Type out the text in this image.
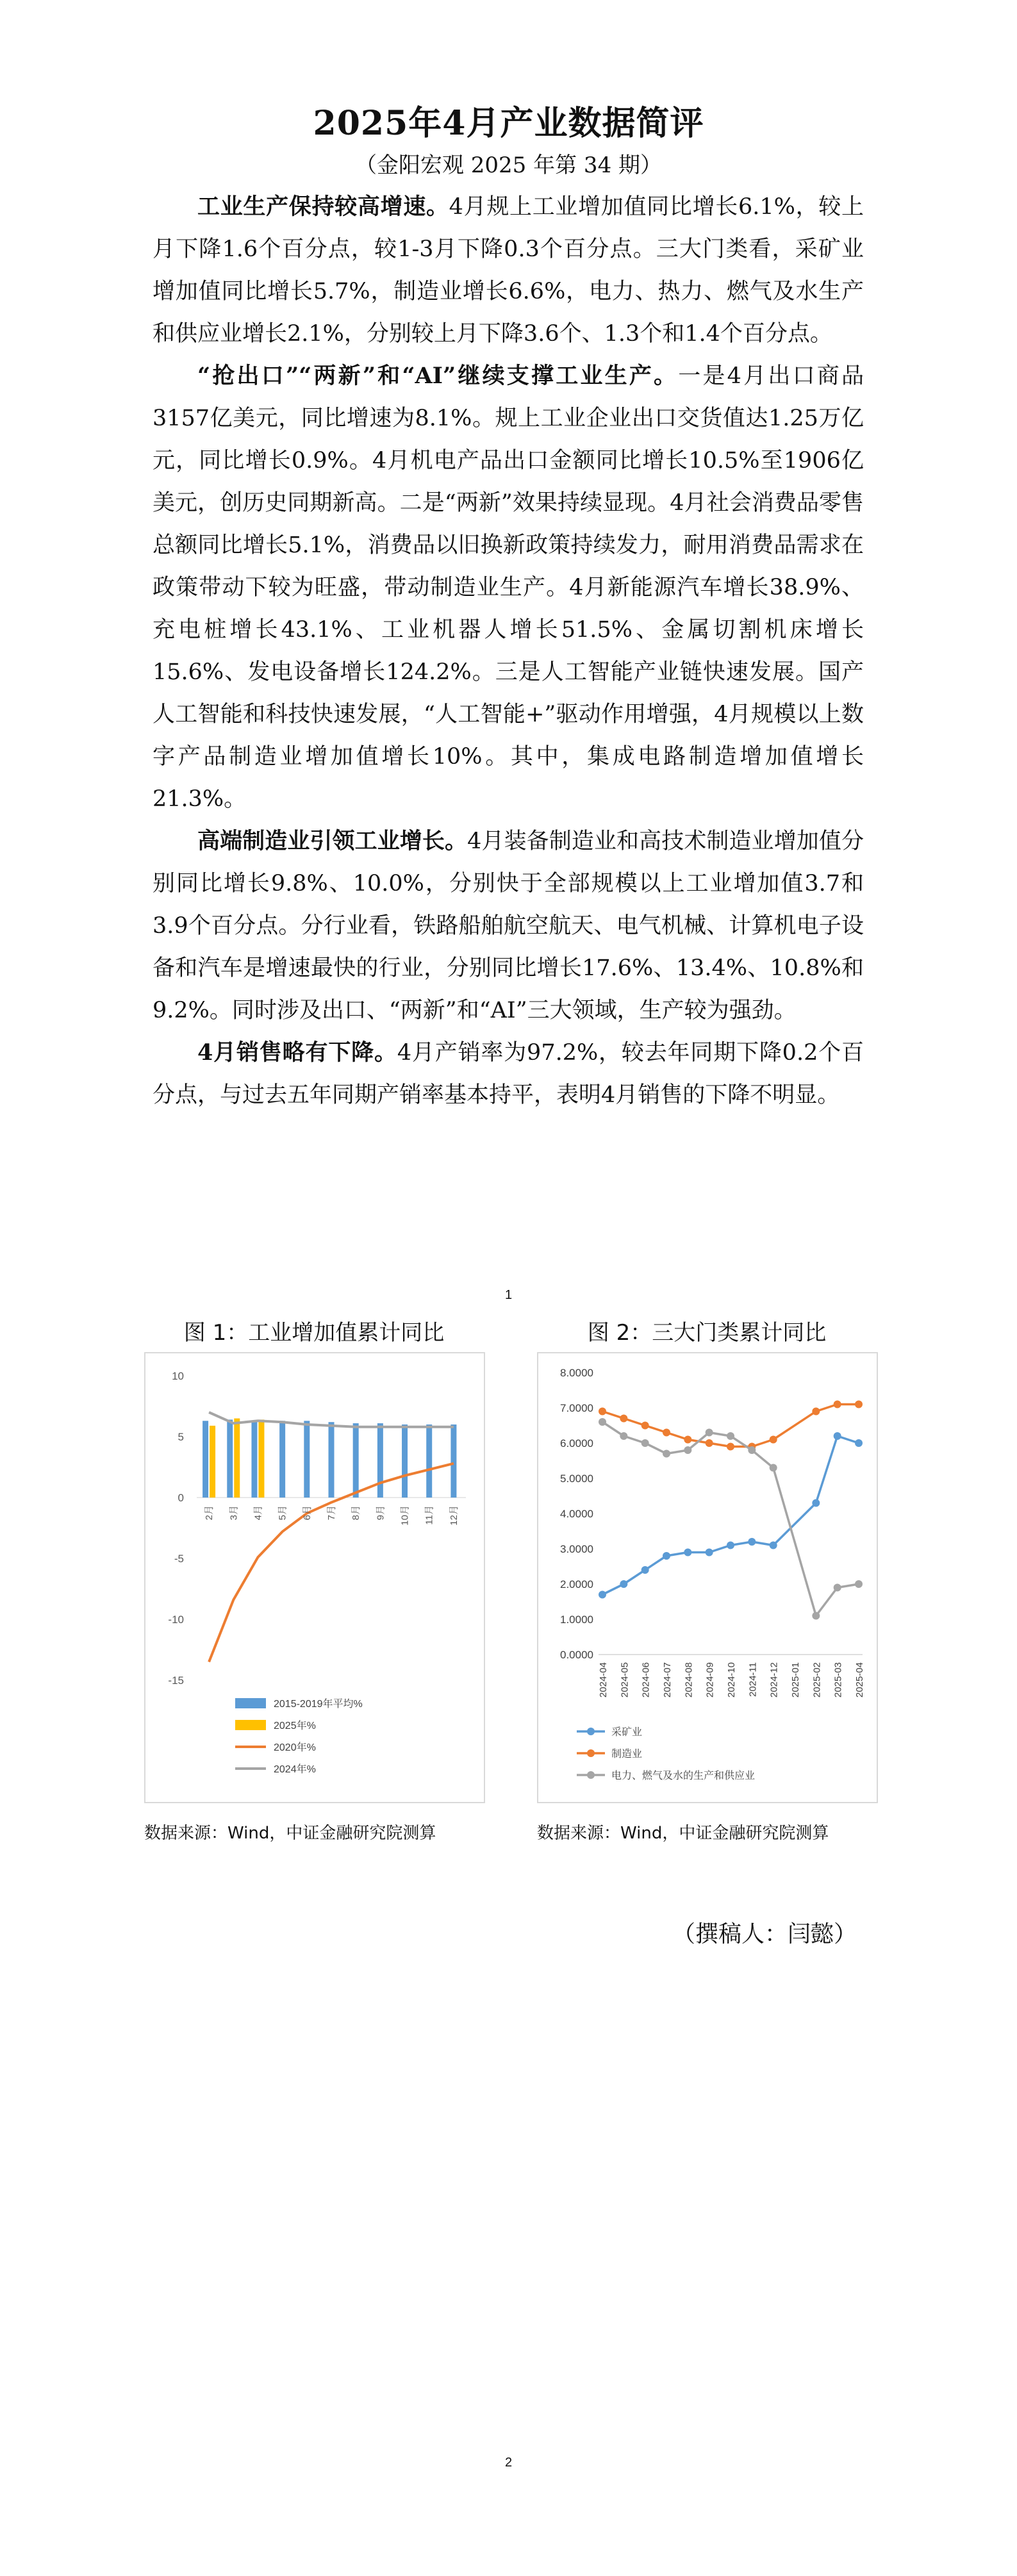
2025年4月产业数据简评
（金阳宏观 2025 年第 34 期）

工业生产保持较高增速。4月规上工业增加值同比增长6.1%，较上月下降1.6个百分点，较1-3月下降0.3个百分点。三大门类看，采矿业增加值同比增长5.7%，制造业增长6.6%，电力、热力、燃气及水生产和供应业增长2.1%，分别较上月下降3.6个、1.3个和1.4个百分点。

“抢出口”“两新”和“AI”继续支撑工业生产。一是4月出口商品3157亿美元，同比增速为8.1%。规上工业企业出口交货值达1.25万亿元，同比增长0.9%。4月机电产品出口金额同比增长10.5%至1906亿美元，创历史同期新高。二是“两新”效果持续显现。4月社会消费品零售总额同比增长5.1%，消费品以旧换新政策持续发力，耐用消费品需求在政策带动下较为旺盛，带动制造业生产。4月新能源汽车增长38.9%、充电桩增长43.1%、工业机器人增长51.5%、金属切割机床增长15.6%、发电设备增长124.2%。三是人工智能产业链快速发展。国产人工智能和科技快速发展，“人工智能+”驱动作用增强，4月规模以上数字产品制造业增加值增长10%。其中，集成电路制造增加值增长21.3%。

高端制造业引领工业增长。4月装备制造业和高技术制造业增加值分别同比增长9.8%、10.0%，分别快于全部规模以上工业增加值3.7和3.9个百分点。分行业看，铁路船舶航空航天、电气机械、计算机电子设备和汽车是增速最快的行业，分别同比增长17.6%、13.4%、10.8%和9.2%。同时涉及出口、“两新”和“AI”三大领域，生产较为强劲。

4月销售略有下降。4月产销率为97.2%，较去年同期下降0.2个百分点，与过去五年同期产销率基本持平，表明4月销售的下降不明显。

1
图 1：工业增加值累计同比
10
5
0
-5
-10
-15
2月 3月 4月 5月 6月 7月 8月 9月 10月 11月 12月
2015-2019年平均%
2025年%
2020年%
2024年%
数据来源：Wind，中证金融研究院测算
图 2：三大门类累计同比
8.0000
7.0000
6.0000
5.0000
4.0000
3.0000
2.0000
1.0000
0.0000
2024-04 2024-05 2024-06 2024-07 2024-08 2024-09 2024-10 2024-11 2024-12 2025-01 2025-02 2025-03 2025-04
采矿业
制造业
电力、燃气及水的生产和供应业
数据来源：Wind，中证金融研究院测算
（撰稿人：闫懿）
2
